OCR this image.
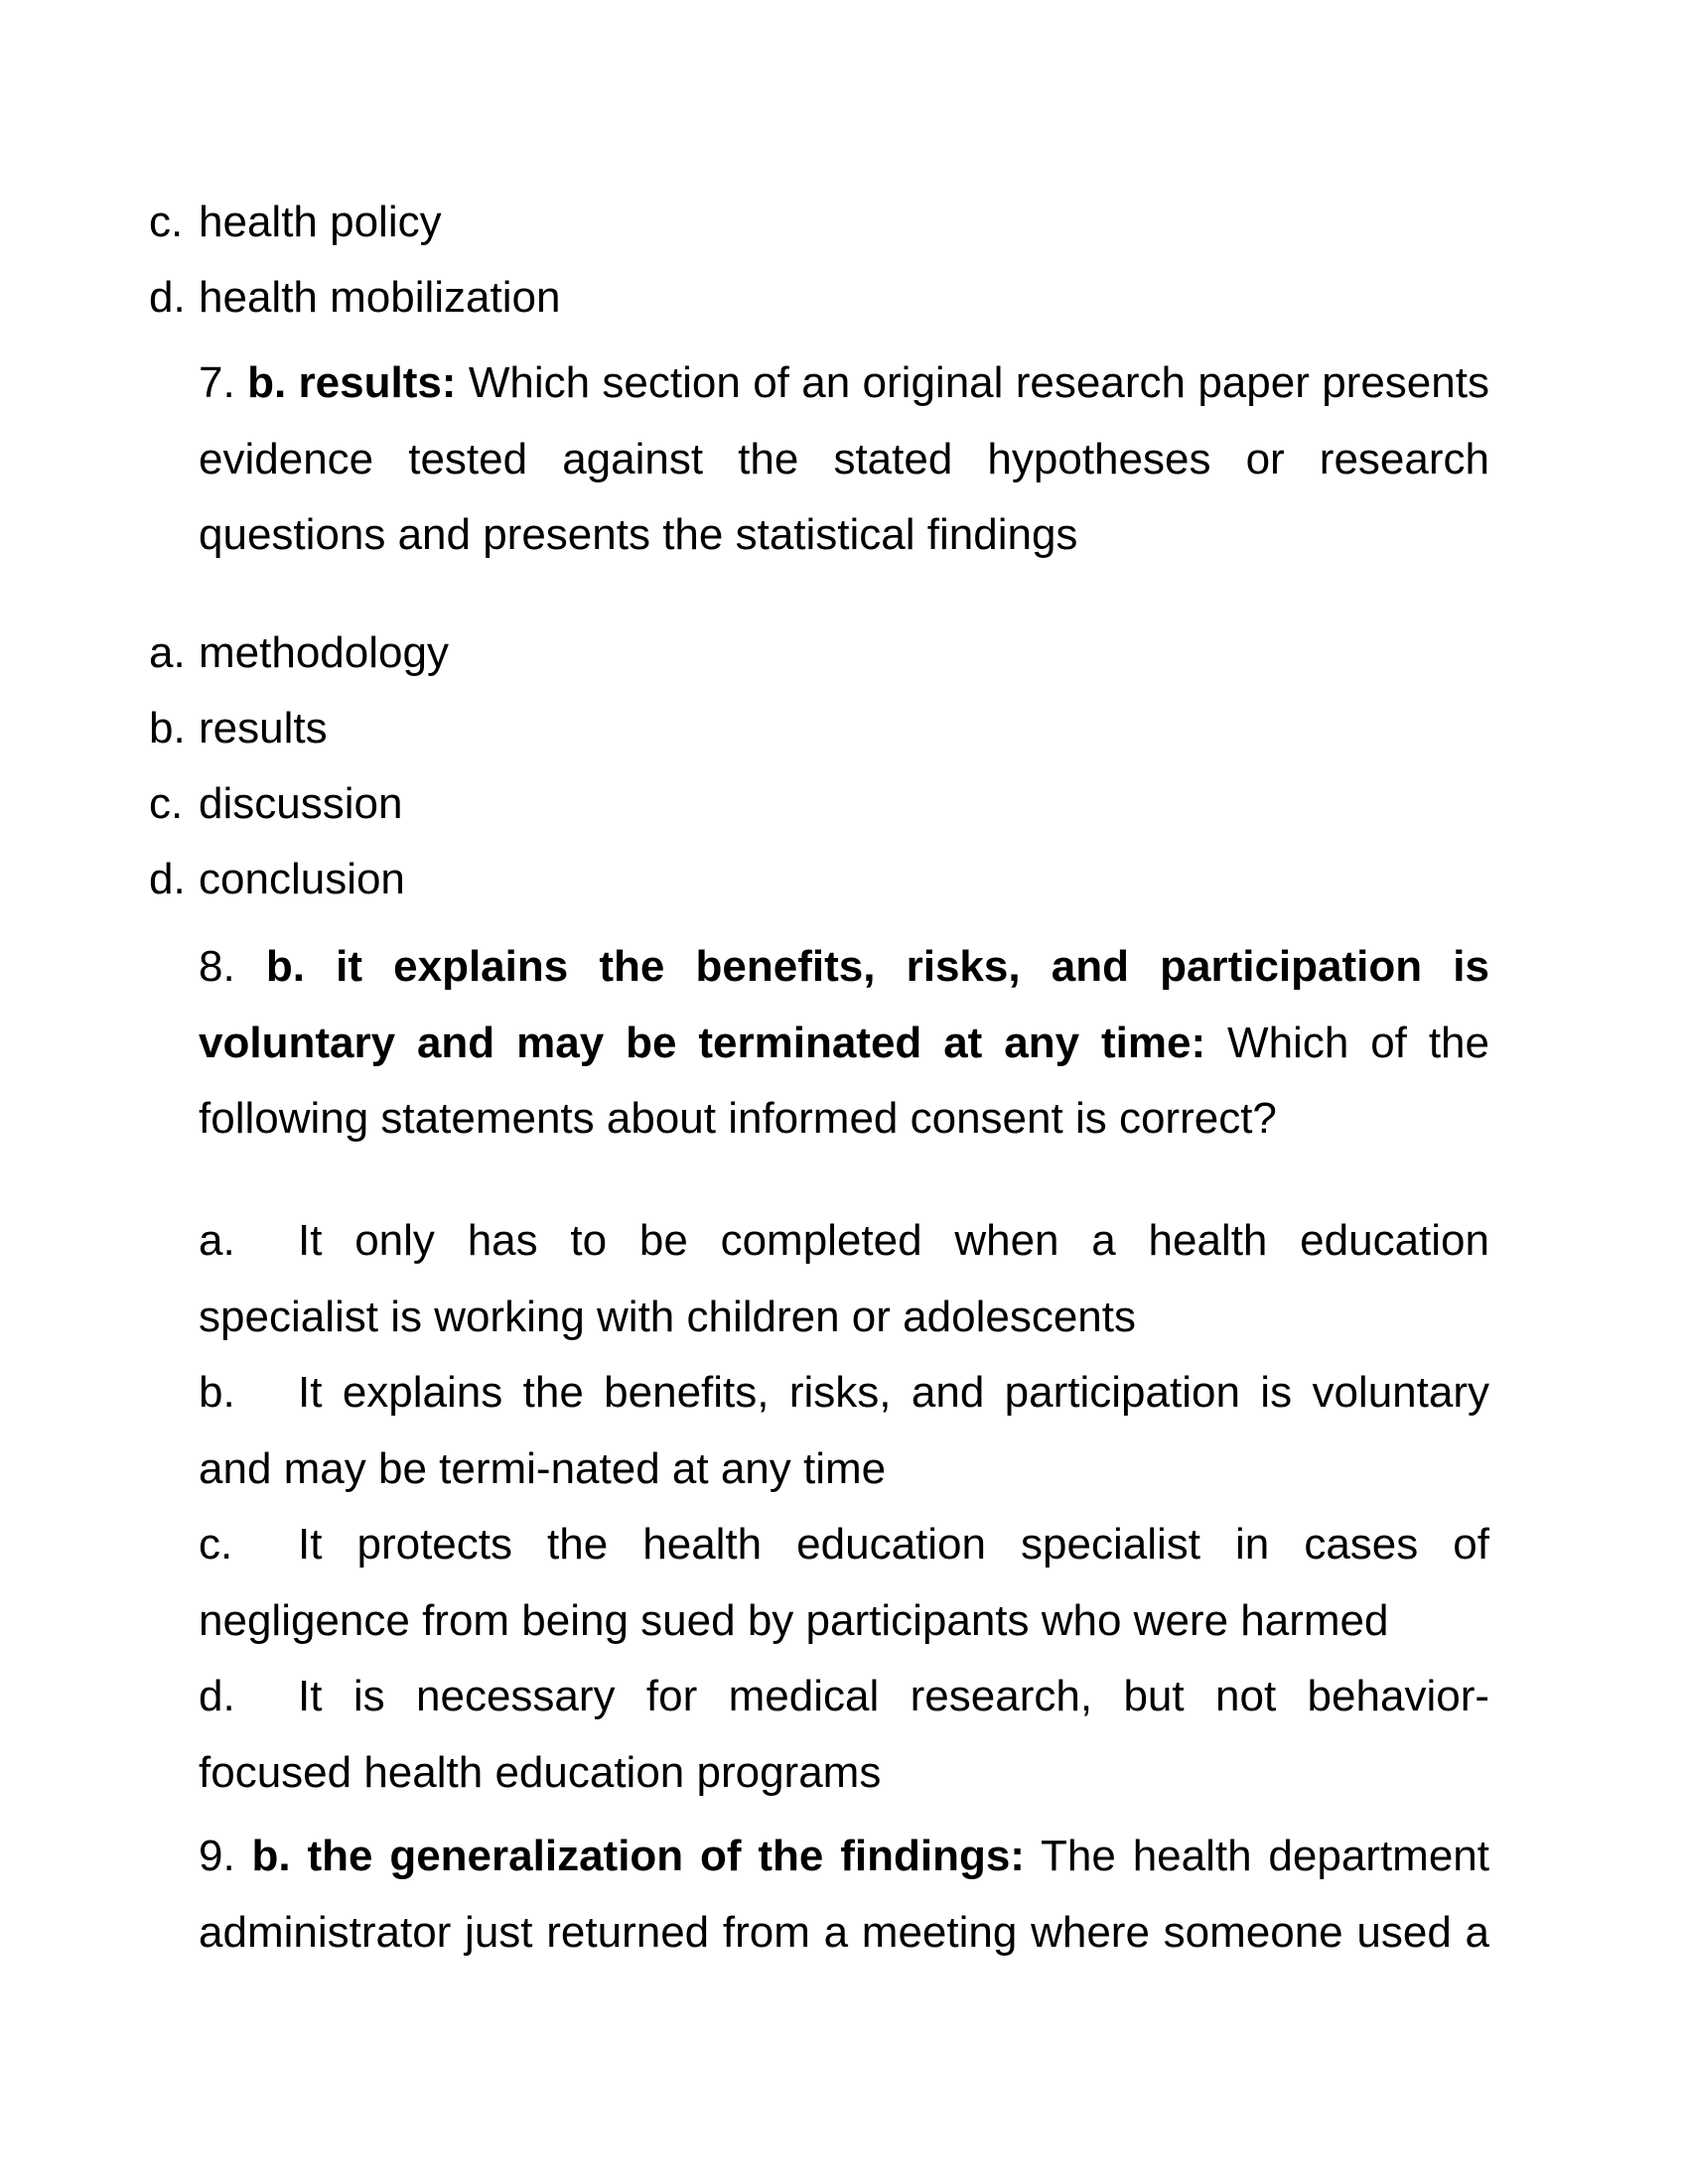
c. health policy
d. health mobilization
7. b. results: Which section of an original research paper presents evidence tested against the stated hypotheses or research questions and presents the statistical findings
a. methodology
b. results
c. discussion
d. conclusion
8. b. it explains the benefits, risks, and participation is voluntary and may be terminated at any time: Which of the following statements about informed consent is correct?
a. It only has to be completed when a health education specialist is working with children or adolescents
b. It explains the benefits, risks, and participation is voluntary and may be termi-nated at any time
c. It protects the health education specialist in cases of negligence from being sued by participants who were harmed
d. It is necessary for medical research, but not behavior-focused health education programs
9. b. the generalization of the findings: The health department administrator just returned from a meeting where someone used a
